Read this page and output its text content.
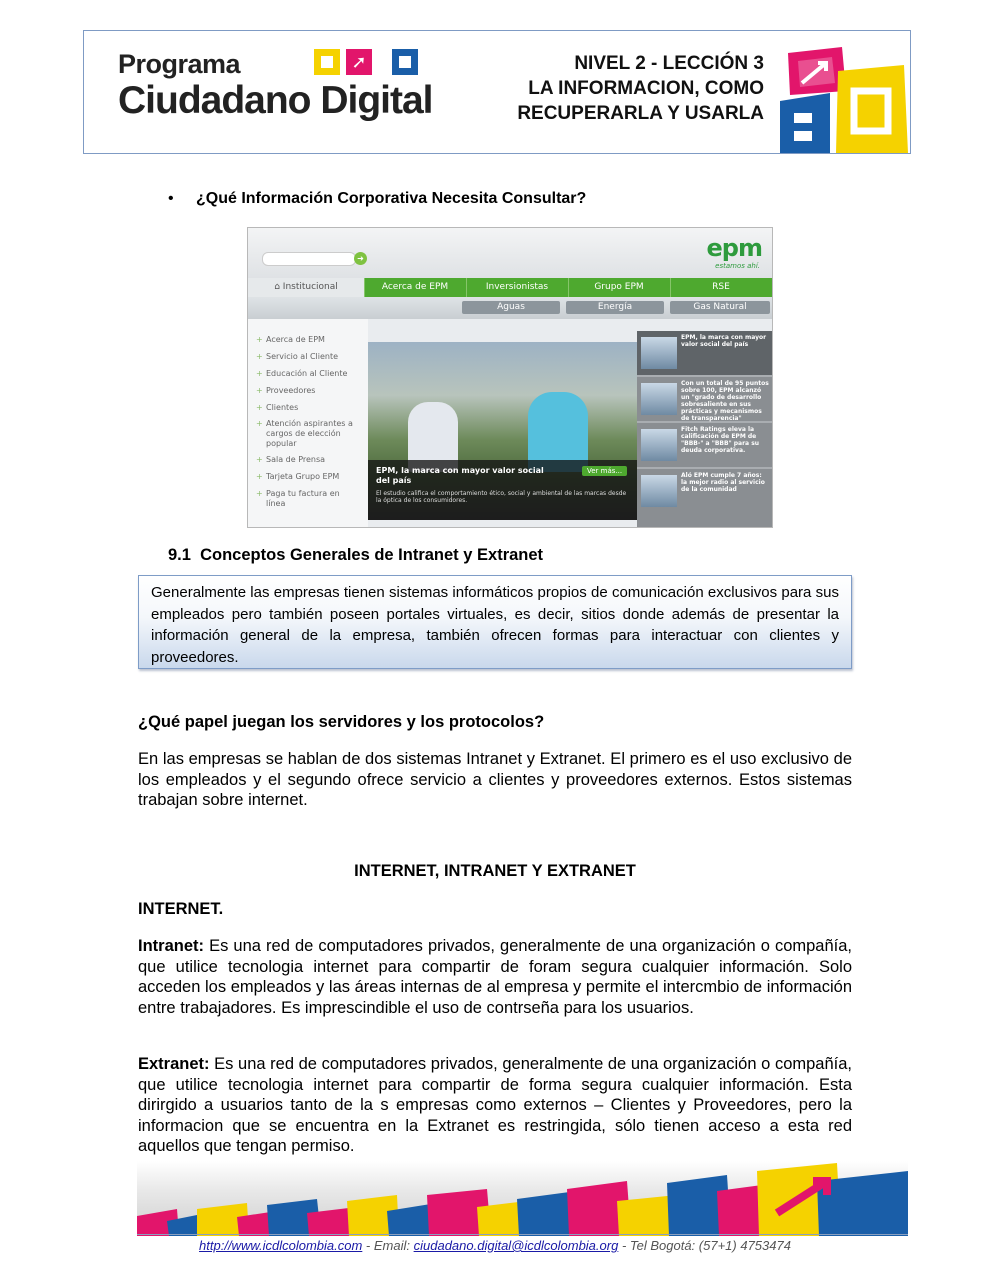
Programa
Ciudadano Digital
➚	NIVEL 2 - LECCIÓN 3
LA INFORMACION, COMO
RECUPERARLA Y USARLA
• ¿Qué Información Corporativa Necesita Consultar?
➜	epm
estamos ahí.
⌂ Institucional	Acerca de EPM	Inversionistas	Grupo EPM	RSE
Aguas	Energía	Gas Natural
+ Acerca de EPM
+ Servicio al Cliente
+ Educación al Cliente
+ Proveedores
+ Clientes
+ Atención aspirantes a cargos de elección popular
+ Sala de Prensa
+ Tarjeta Grupo EPM
+ Paga tu factura en línea
EPM, la marca con mayor valor social del país
Ver más...
El estudio califica el comportamiento ético, social y ambiental de las marcas desde la óptica de los consumidores.
EPM, la marca con mayor valor social del país
Con un total de 95 puntos sobre 100, EPM alcanzó un "grado de desarrollo sobresaliente en sus prácticas y mecanismos de transparencia"
Fitch Ratings eleva la calificación de EPM de "BBB-" a "BBB" para su deuda corporativa.
Aló EPM cumple 7 años: la mejor radio al servicio de la comunidad
9.1 Conceptos Generales de Intranet y Extranet

Generalmente las empresas tienen sistemas informáticos propios de comunicación exclusivos para sus empleados pero también poseen portales virtuales, es decir, sitios donde además de presentar la información general de la empresa, también ofrecen formas para interactuar con clientes y proveedores.

¿Qué papel juegan los servidores y los protocolos?
En las empresas se hablan de dos sistemas Intranet y Extranet. El primero es el uso exclusivo de los empleados y el segundo ofrece servicio a clientes y proveedores externos. Estos sistemas trabajan sobre internet.
INTERNET, INTRANET Y EXTRANET
INTERNET.
Intranet: Es una red de computadores privados, generalmente de una organización o compañía, que utilice tecnologia internet para compartir de foram segura cualquier información. Solo acceden los empleados y las áreas internas de al empresa y permite el intercmbio de información entre trabajadores. Es imprescindible el uso de contrseña para los usuarios.
Extranet: Es una red de computadores privados, generalmente de una organización o compañía, que utilice tecnologia internet para compartir de forma segura cualquier información. Esta dirirgido a usuarios tanto de la s empresas como externos – Clientes y Proveedores, pero la informacion que se encuentra en la Extranet es restringida, sólo tienen acceso a esta red aquellos que tengan permiso.
http://www.icdlcolombia.com - Email: ciudadano.digital@icdlcolombia.org - Tel Bogotá: (57+1) 4753474
